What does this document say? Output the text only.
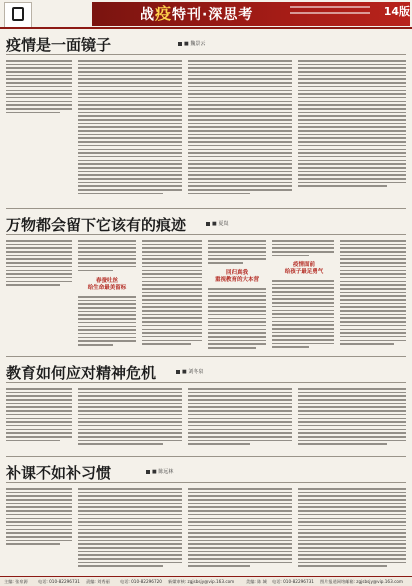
战疫特刊·深思考	14版
疫情是一面镜子	■ 魏景云
万物都会留下它该有的痕迹	■ 夏岚
春蚕吐丝
给生命最美留标
回归真我
重视教育的大本营
疫情面前
给孩子最足勇气
教育如何应对精神危机	■ 刘冬泉
补课不如补习惯	■ 陈远林
主编: 张泉源 电话: 010-82296731 责编: 刘秀丽 电话: 010-82296720 新媒审核: zgjsbsjy@vip.163.com	美编: 陈 城 电话: 010-82296731 图片报道网络邮箱: zgjsbsjy@vip.163.com
